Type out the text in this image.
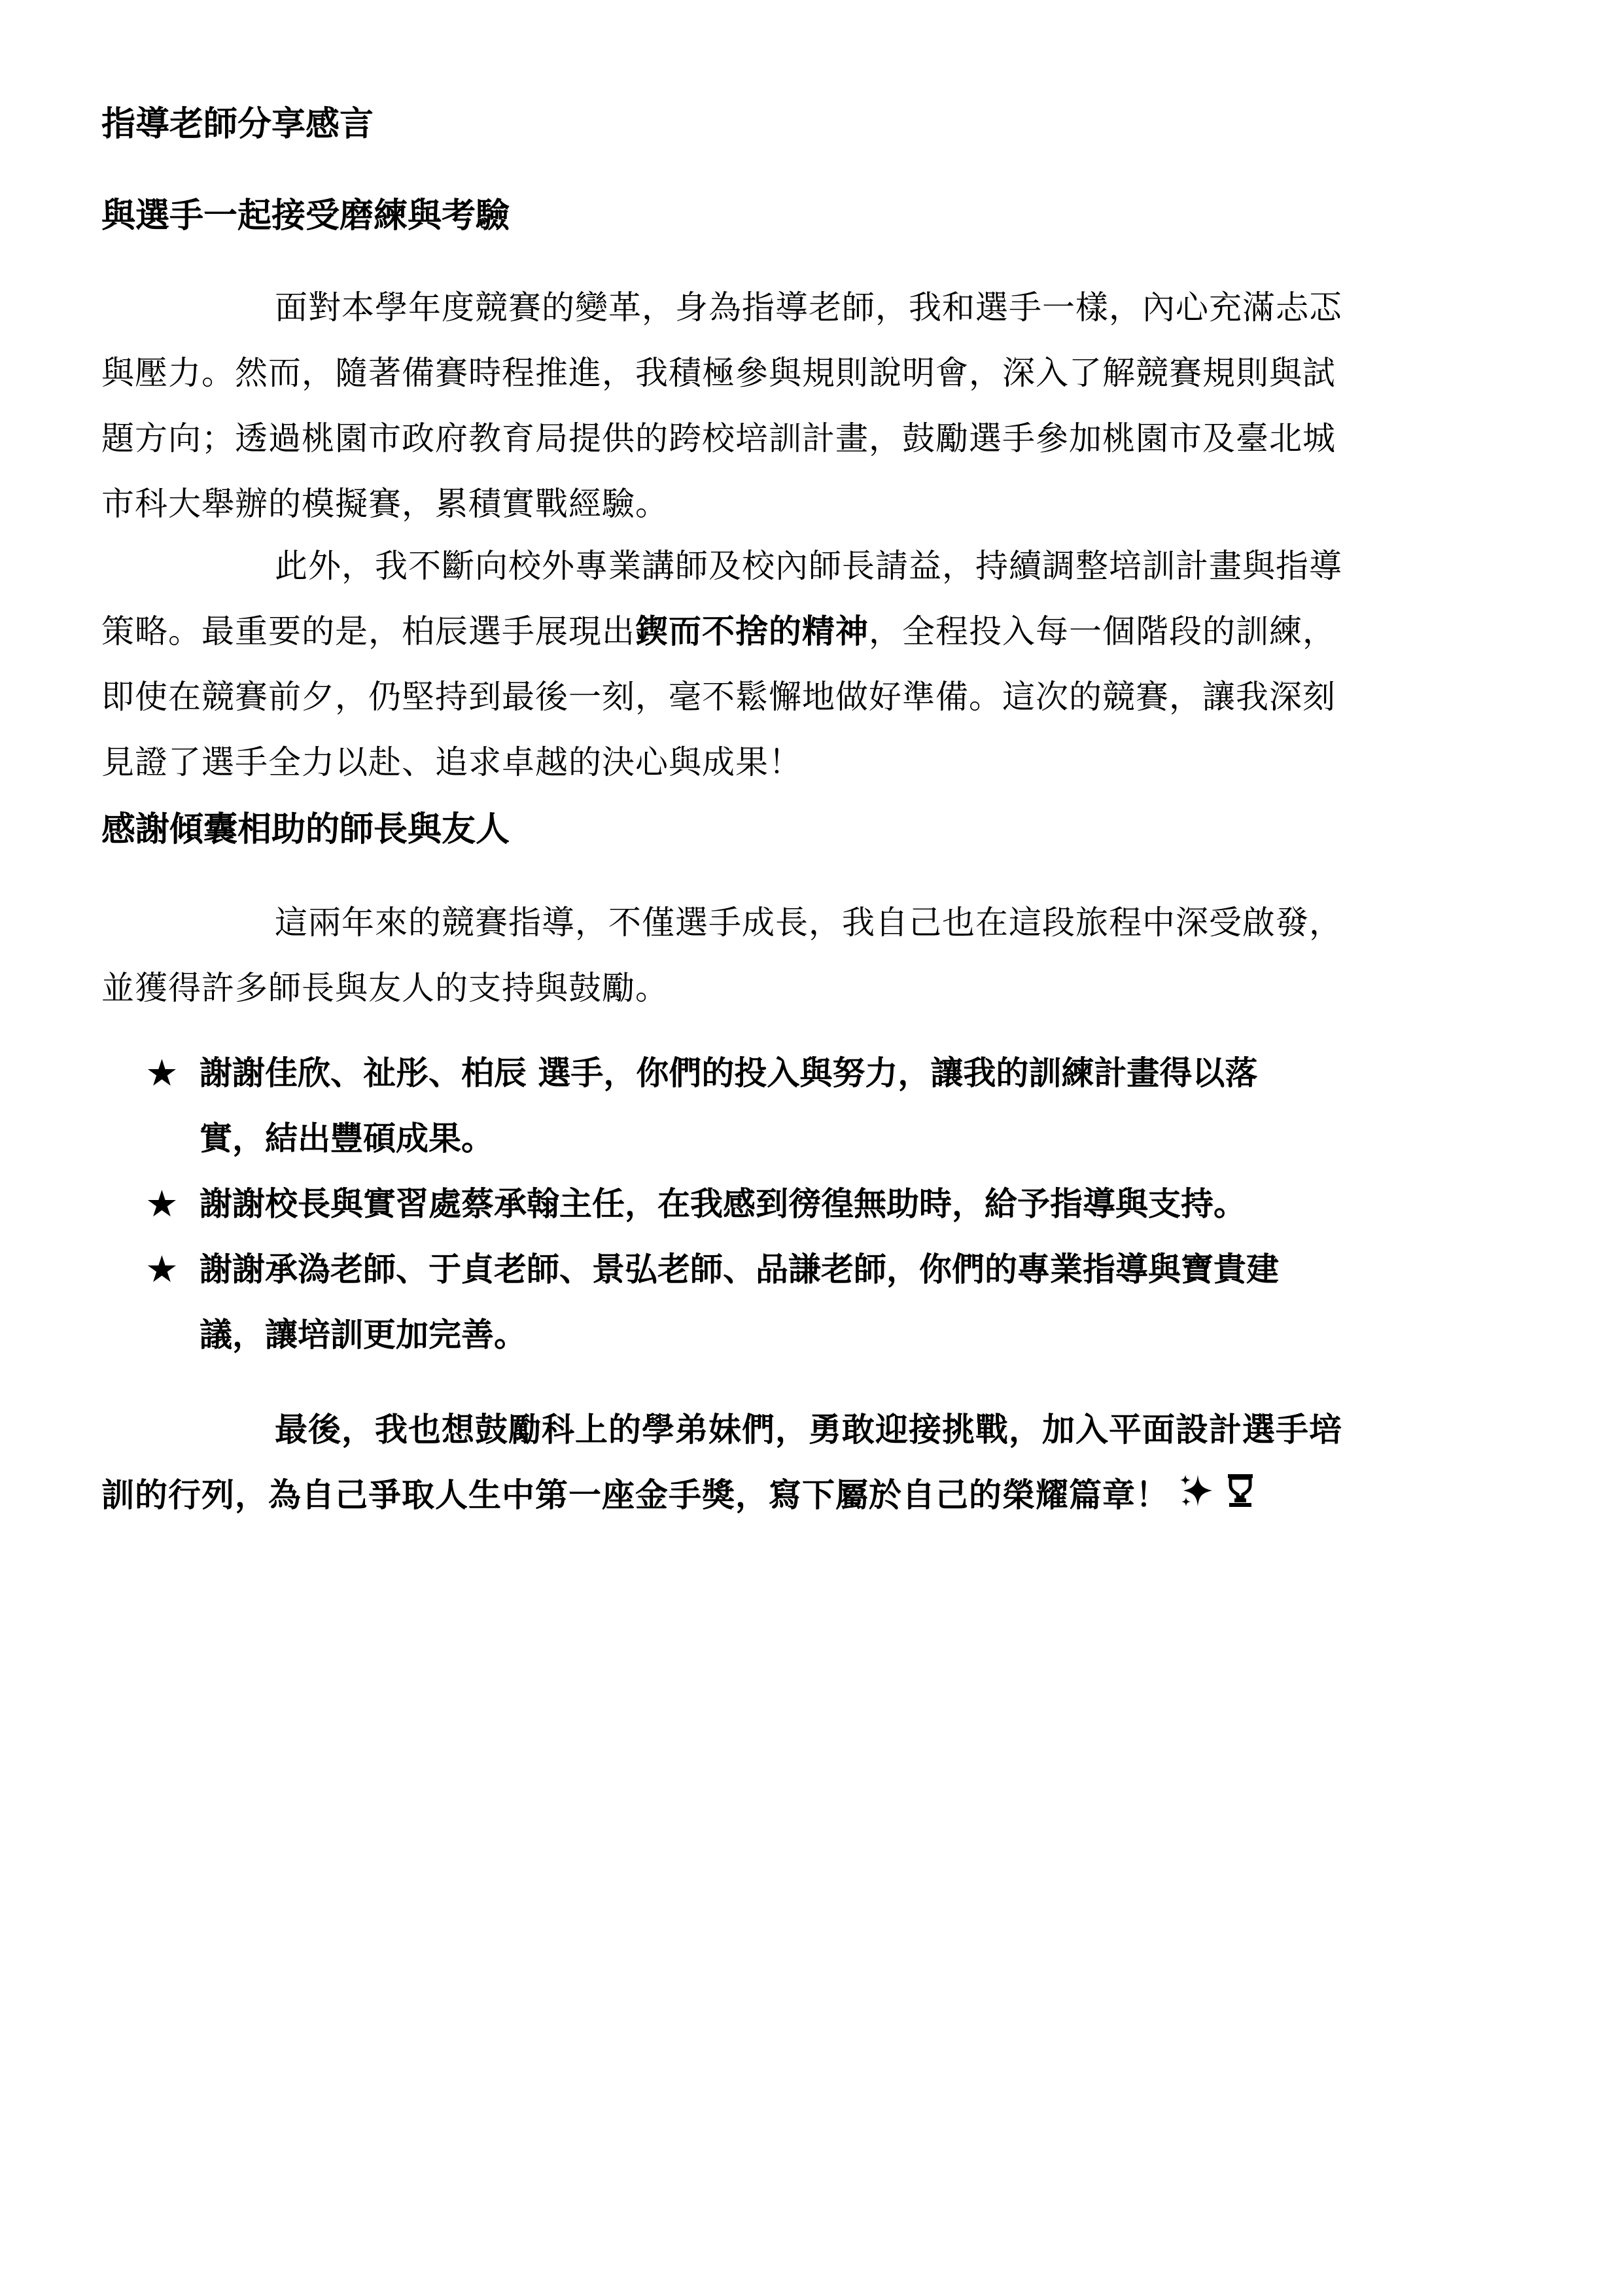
指導老師分享感言
與選手一起接受磨練與考驗

面對本學年度競賽的變革，身為指導老師，我和選手一樣，內心充滿忐忑
與壓力。然而，隨著備賽時程推進，我積極參與規則說明會，深入了解競賽規則與試
題方向；透過桃園市政府教育局提供的跨校培訓計畫，鼓勵選手參加桃園市及臺北城
市科大舉辦的模擬賽，累積實戰經驗。

此外，我不斷向校外專業講師及校內師長請益，持續調整培訓計畫與指導
策略。最重要的是，柏辰選手展現出鍥而不捨的精神，全程投入每一個階段的訓練，
即使在競賽前夕，仍堅持到最後一刻，毫不鬆懈地做好準備。這次的競賽，讓我深刻
見證了選手全力以赴、追求卓越的決心與成果！

感謝傾囊相助的師長與友人

這兩年來的競賽指導，不僅選手成長，我自己也在這段旅程中深受啟發，
並獲得許多師長與友人的支持與鼓勵。

★ 謝謝佳欣、祉彤、柏辰 選手，你們的投入與努力，讓我的訓練計畫得以落
實，結出豐碩成果。
★ 謝謝校長與實習處蔡承翰主任，在我感到徬徨無助時，給予指導與支持。
★ 謝謝承溈老師、于貞老師、景弘老師、品謙老師，你們的專業指導與寶貴建
議，讓培訓更加完善。

最後，我也想鼓勵科上的學弟妹們，勇敢迎接挑戰，加入平面設計選手培
訓的行列，為自己爭取人生中第一座金手獎，寫下屬於自己的榮耀篇章！
